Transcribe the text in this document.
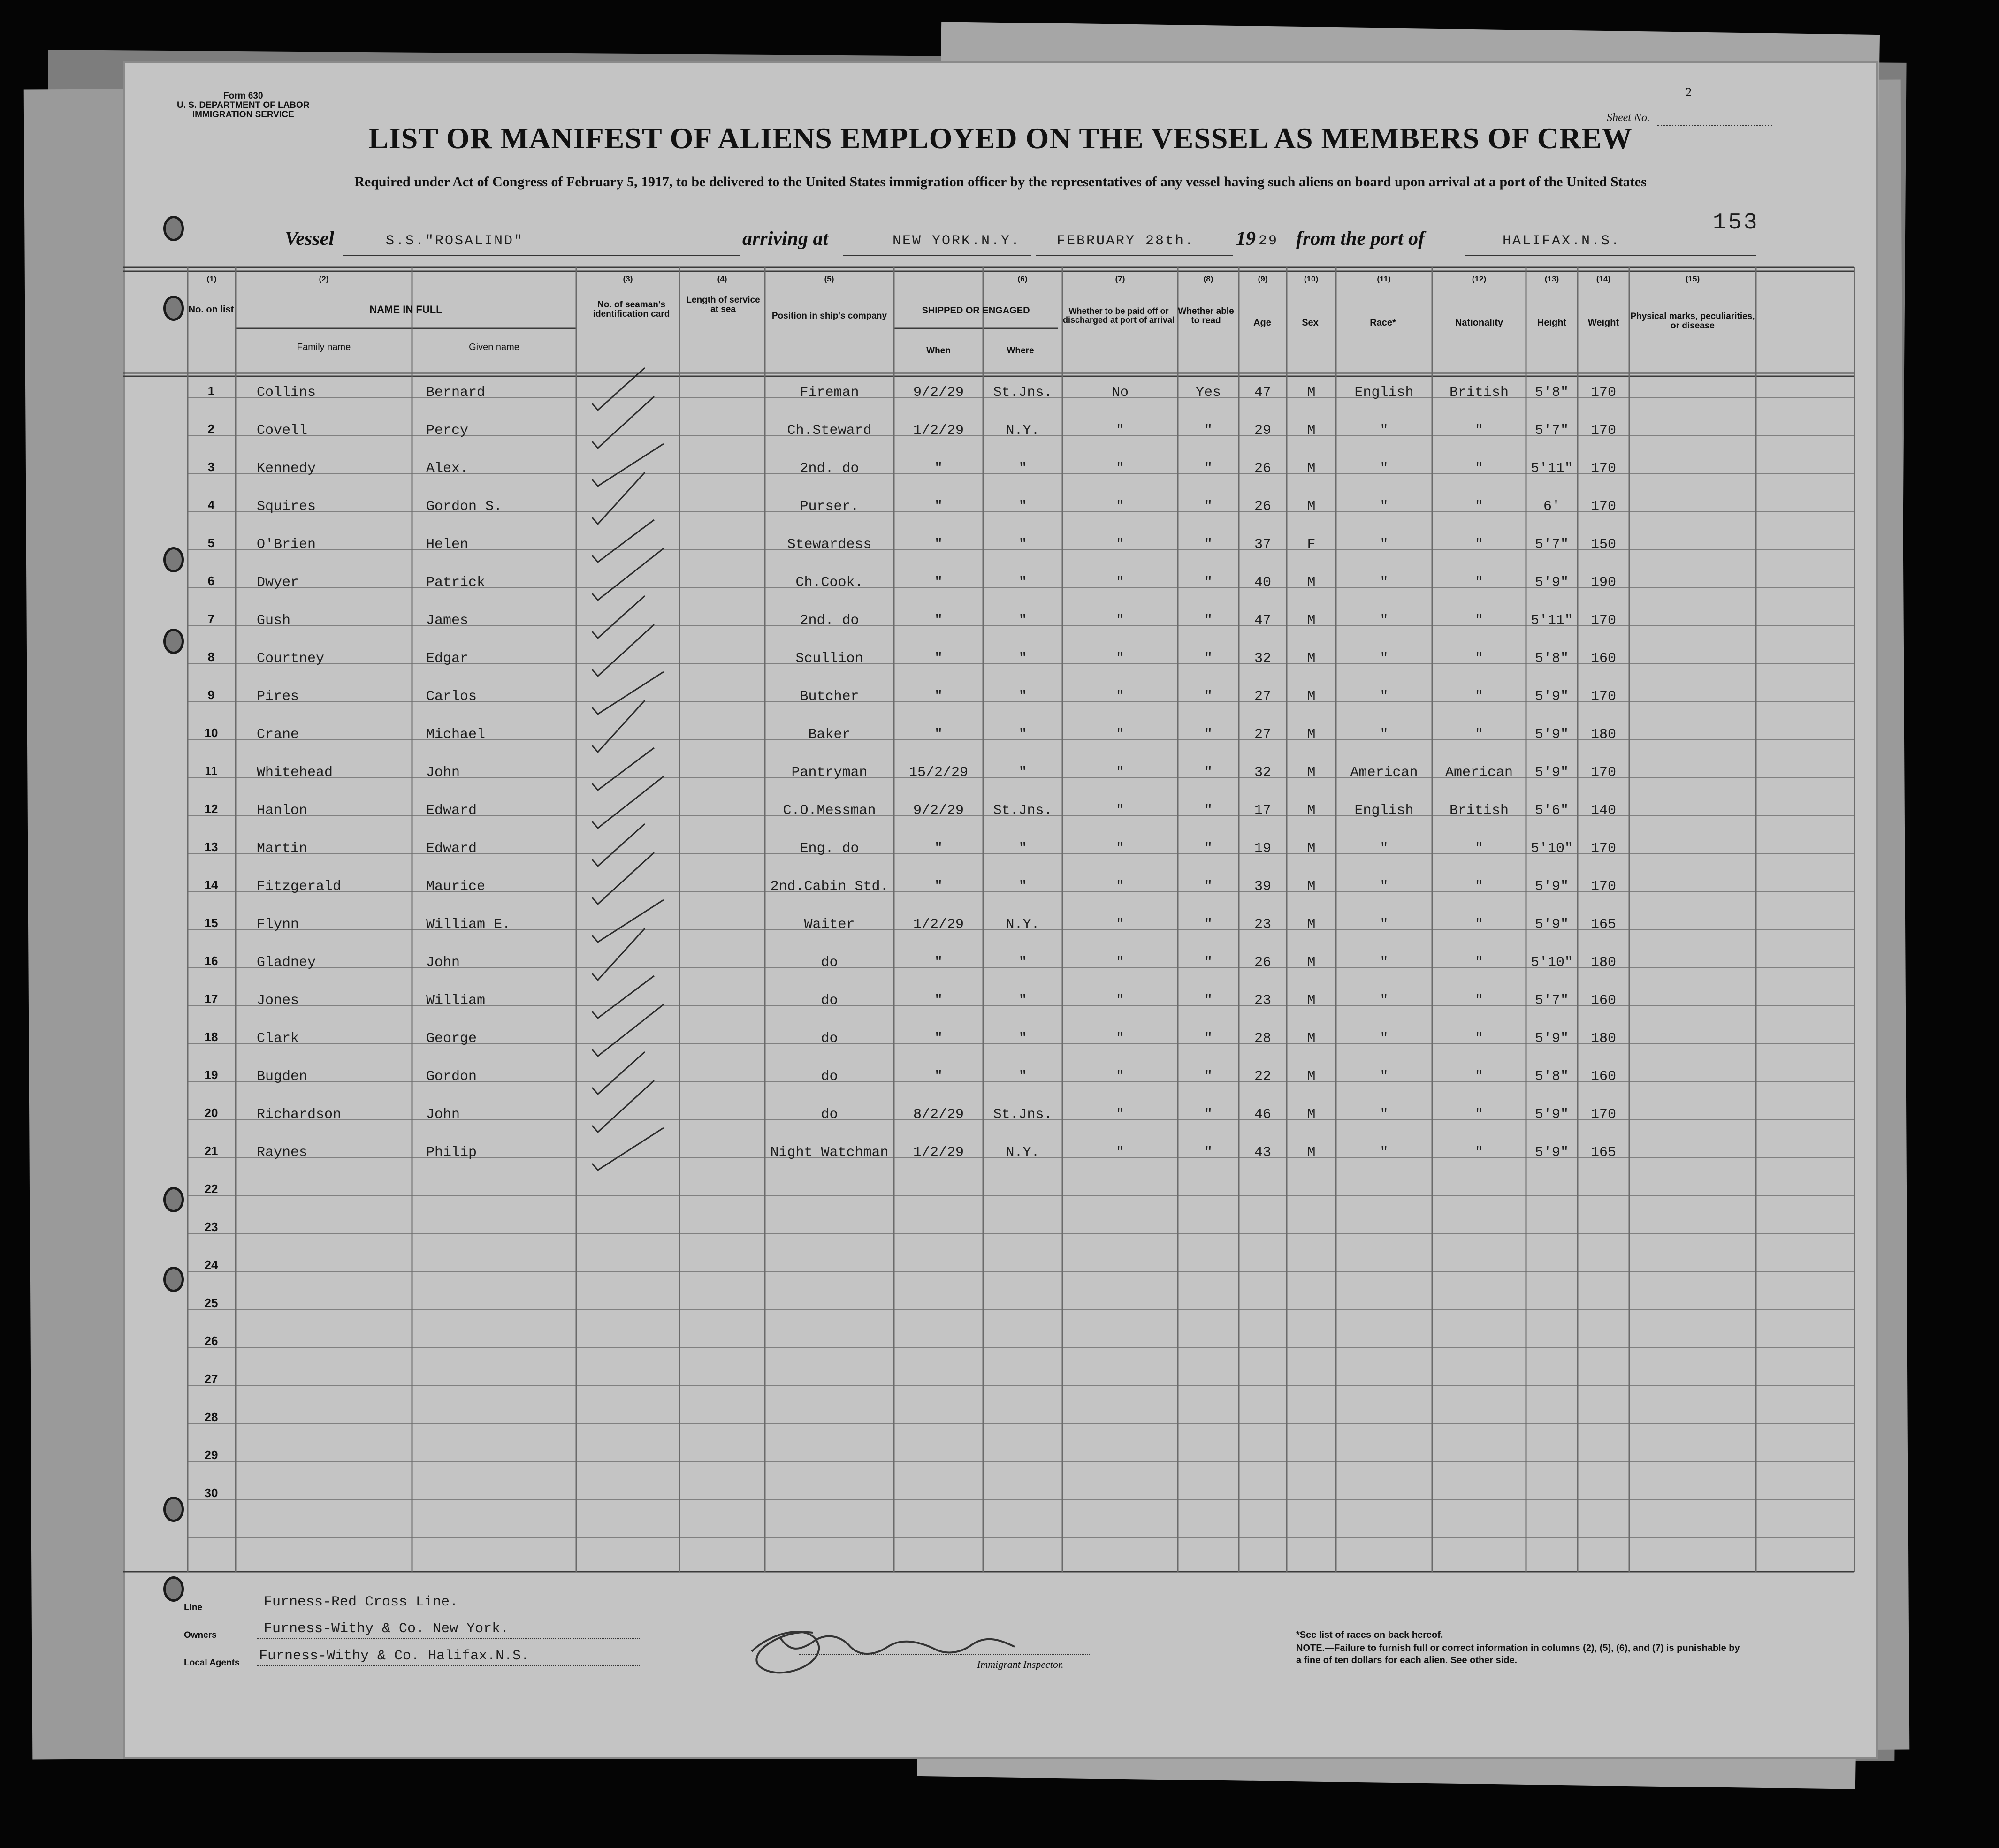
Form 630
U. S. DEPARTMENT OF LABOR
IMMIGRATION SERVICE
LIST OR MANIFEST OF ALIENS EMPLOYED ON THE VESSEL AS MEMBERS OF CREW
Required under Act of Congress of February 5, 1917, to be delivered to the United States immigration officer by the representatives of any vessel having such aliens on board upon arrival at a port of the United States
Sheet No.
2
153
Vessel	S.S."ROSALIND"	arriving at	NEW YORK.N.Y.	FEBRUARY 28th. 19 29 from the port of	HALIFAX.N.S.
(1)	(2)	(3)	(4)	(5)	(6)	(7)	(8)	(9)	(10)	(11)	(12)	(13)	(14)	(15)
No. on list	NAME IN FULL
Family name	Given name
No. of seaman's identification card
Length of service at sea
Position in ship's company
SHIPPED OR ENGAGED
When	Where
Whether to be paid off or discharged at port of arrival
Whether able to read	Age	Sex	Race*	Nationality	Height	Weight
Physical marks, peculiarities, or disease
1	Collins	Bernard	Fireman	9/2/29	St.Jns.	No	Yes	47	M	English	British	5'8"	170
2	Covell	Percy	Ch.Steward	1/2/29	N.Y.	"	"	29	M	"	"	5'7"	170
3	Kennedy	Alex.	2nd. do	"	"	"	"	26	M	"	"	5'11"	170
4	Squires	Gordon S.	Purser.	"	"	"	"	26	M	"	"	6'	170
5	O'Brien	Helen	Stewardess	"	"	"	"	37	F	"	"	5'7"	150
6	Dwyer	Patrick	Ch.Cook.	"	"	"	"	40	M	"	"	5'9"	190
7	Gush	James	2nd. do	"	"	"	"	47	M	"	"	5'11"	170
8	Courtney	Edgar	Scullion	"	"	"	"	32	M	"	"	5'8"	160
9	Pires	Carlos	Butcher	"	"	"	"	27	M	"	"	5'9"	170
10	Crane	Michael	Baker	"	"	"	"	27	M	"	"	5'9"	180
11	Whitehead	John	Pantryman	15/2/29	"	"	"	32	M	American	American	5'9"	170
12	Hanlon	Edward	C.O.Messman	9/2/29	St.Jns.	"	"	17	M	English	British	5'6"	140
13	Martin	Edward	Eng. do	"	"	"	"	19	M	"	"	5'10"	170
14	Fitzgerald	Maurice	2nd.Cabin Std.	"	"	"	"	39	M	"	"	5'9"	170
15	Flynn	William E.	Waiter	1/2/29	N.Y.	"	"	23	M	"	"	5'9"	165
16	Gladney	John	do	"	"	"	"	26	M	"	"	5'10"	180
17	Jones	William	do	"	"	"	"	23	M	"	"	5'7"	160
18	Clark	George	do	"	"	"	"	28	M	"	"	5'9"	180
19	Bugden	Gordon	do	"	"	"	"	22	M	"	"	5'8"	160
20	Richardson	John	do	8/2/29	St.Jns.	"	"	46	M	"	"	5'9"	170
21	Raynes	Philip	Night Watchman	1/2/29	N.Y.	"	"	43	M	"	"	5'9"	165
22
23
24
25
26
27
28
29
30
Line	Furness-Red Cross Line.
Owners	Furness-Withy & Co. New York.
Local Agents Furness-Withy & Co. Halifax.N.S.
Immigrant Inspector.
*See list of races on back hereof.
NOTE.—Failure to furnish full or correct information in columns (2), (5), (6), and (7) is punishable by a fine of ten dollars for each alien. See other side.
